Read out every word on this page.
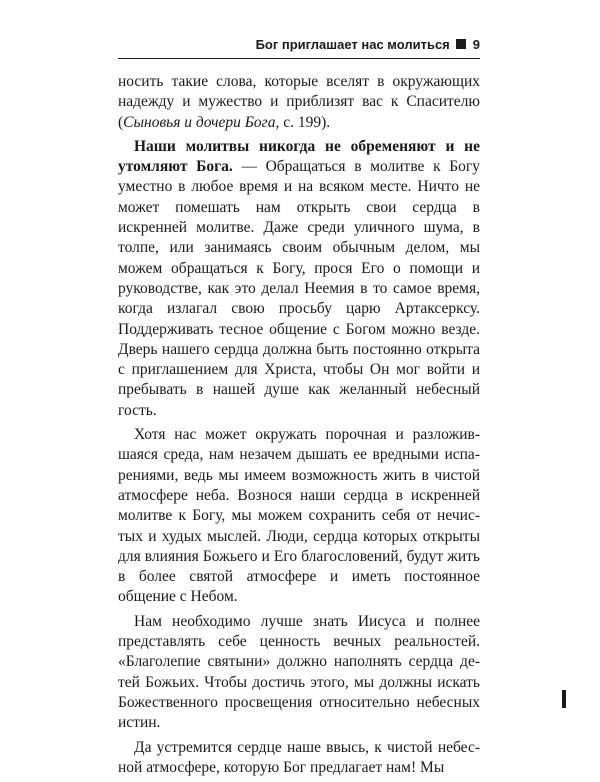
Бог приглашает нас молиться 9

носить такие слова, которые вселят в окружающих надежду и мужество и приблизят вас к Спасителю (Сыновья и дочери Бога, с. 199).

Наши молитвы никогда не обременяют и не утомляют Бога. — Обращаться в молитве к Богу уместно в любое время и на всяком месте. Ничто не может помешать нам открыть свои сердца в искренней молитве. Даже среди уличного шума, в толпе, или занимаясь своим обычным делом, мы можем обращаться к Богу, прося Его о помощи и руководстве, как это делал Неемия в то самое время, когда излагал свою просьбу царю Артаксерксу. Поддерживать тесное общение с Богом можно везде. Дверь нашего сердца должна быть постоянно открыта с приглашением для Христа, чтобы Он мог войти и пребывать в нашей душе как желанный небесный гость.

Хотя нас может окружать порочная и разложившаяся среда, нам незачем дышать ее вредными испарениями, ведь мы имеем возможность жить в чистой атмосфере неба. Вознося наши сердца в искренней молитве к Богу, мы можем сохранить себя от нечистых и худых мыслей. Люди, сердца которых открыты для влияния Божьего и Его благословений, будут жить в более святой атмосфере и иметь постоянное общение с Небом.

Нам необходимо лучше знать Иисуса и полнее представлять себе ценность вечных реальностей. «Благолепие святыни» должно наполнять сердца детей Божьих. Чтобы достичь этого, мы должны искать Божественного просвещения относительно небесных истин.

Да устремится сердце наше ввысь, к чистой небесной атмосфере, которую Бог предлагает нам! Мы
